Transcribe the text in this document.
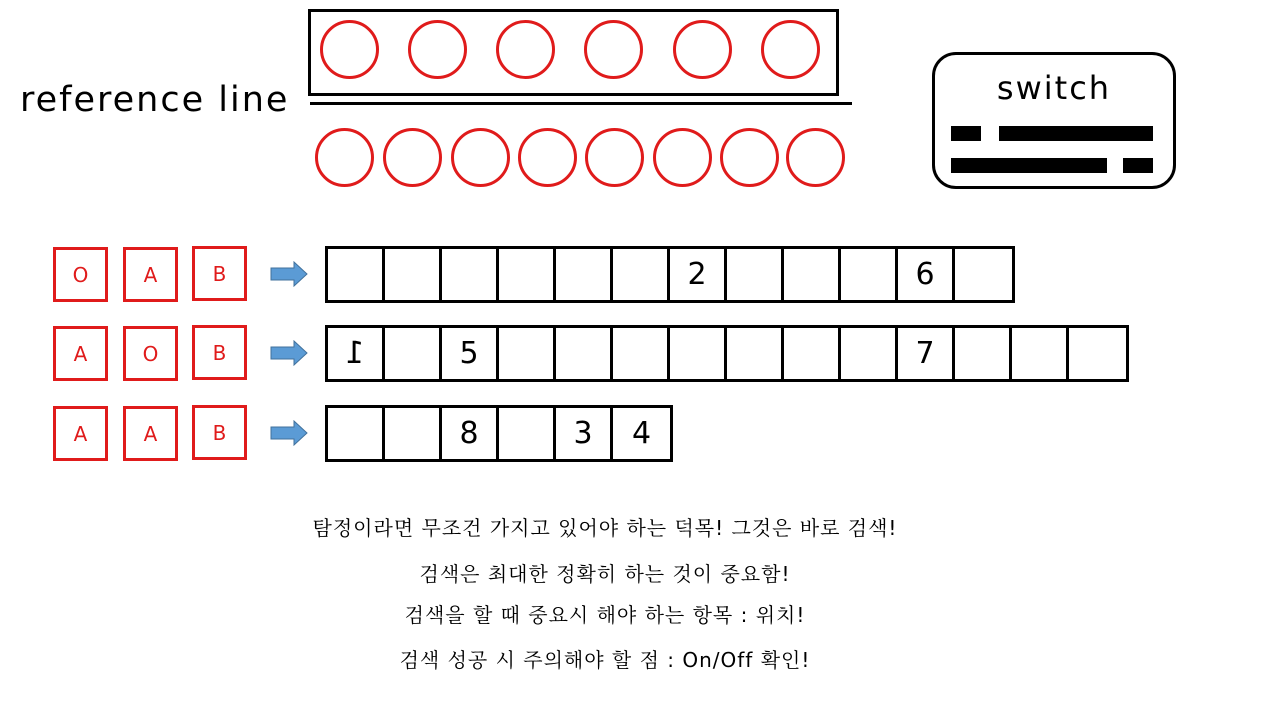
reference line	switch
O	A	B	2	6
A	O	B	1	5	7
A	A	B	8	3	4
탐정이라면 무조건 가지고 있어야 하는 덕목! 그것은 바로 검색!
검색은 최대한 정확히 하는 것이 중요함!
검색을 할 때 중요시 해야 하는 항목 : 위치!
검색 성공 시 주의해야 할 점 : On/Off 확인!
